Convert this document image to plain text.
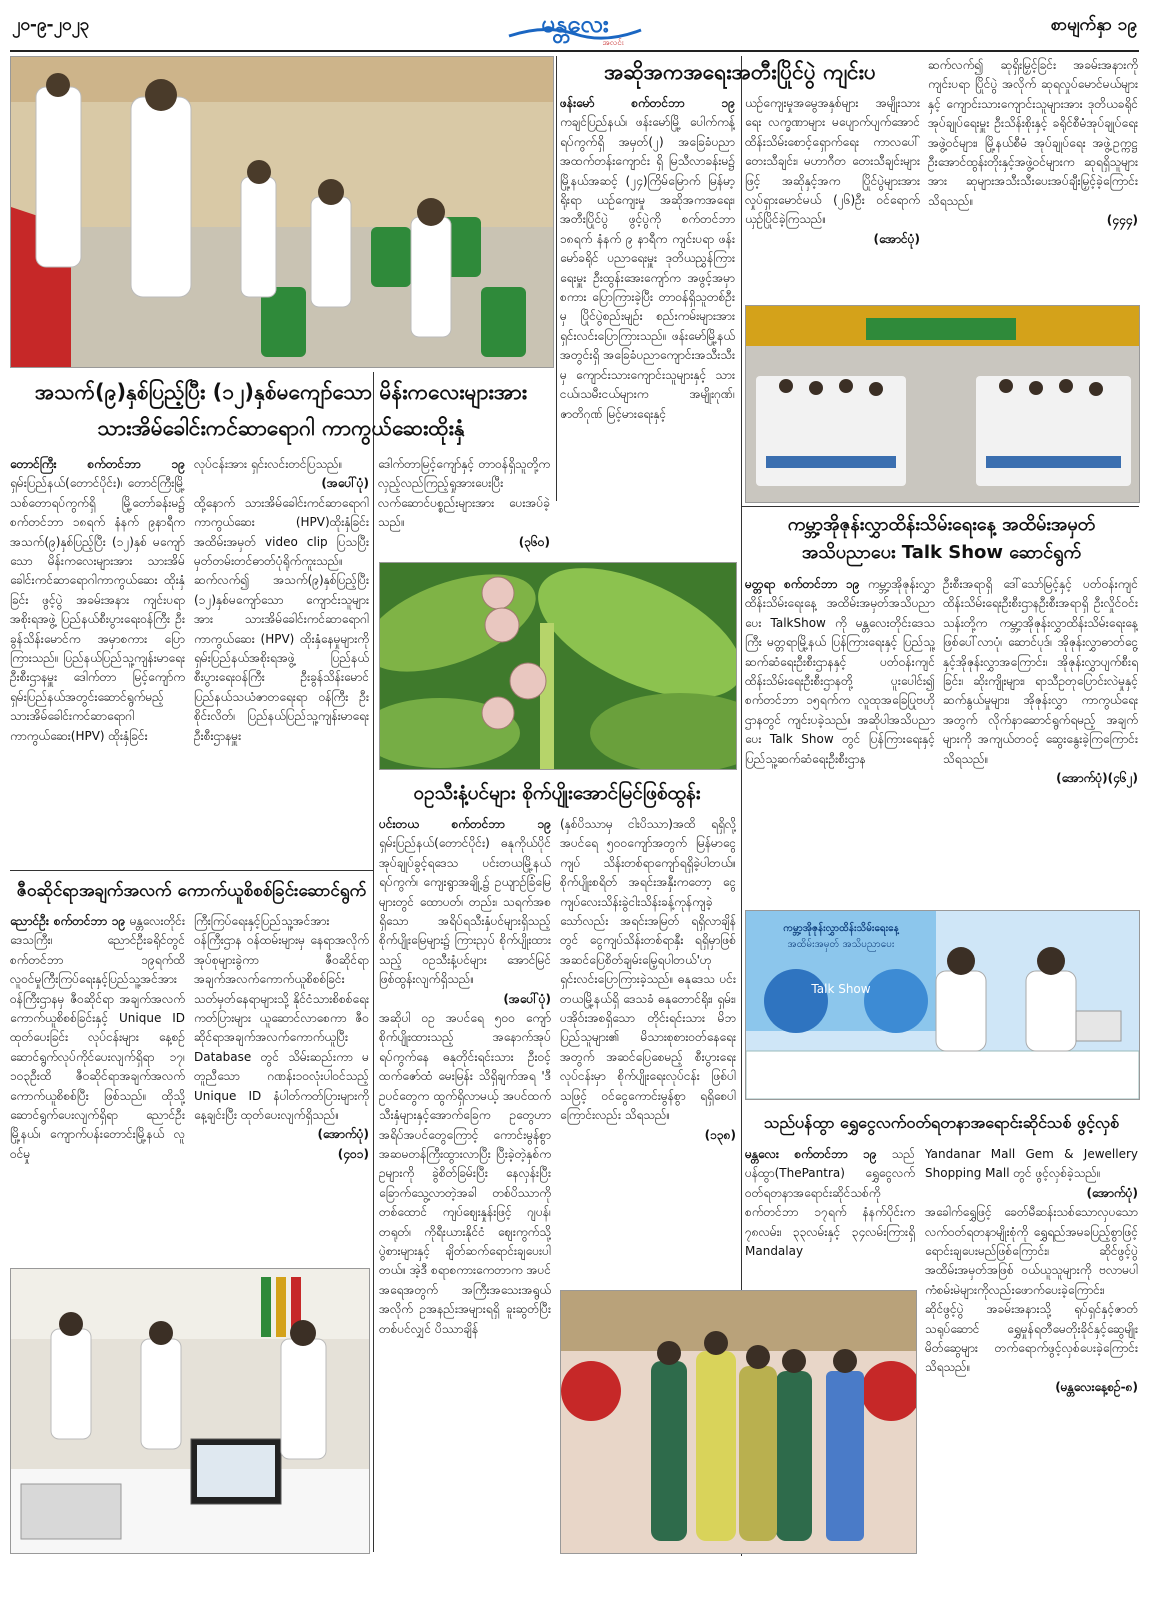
၂၀-၉-၂၀၂၃	မန္တလေး
အလင်း
စာမျက်နှာ ၁၉
အသက်(၉)နှစ်ပြည့်ပြီး (၁၂)နှစ်မကျော်သော မိန်းကလေးများအား
သားအိမ်ခေါင်းကင်ဆာရောဂါ ကာကွယ်ဆေးထိုးနှံ
တောင်ကြီး စက်တင်ဘာ ၁၉ ရှမ်းပြည်နယ်(တောင်ပိုင်း)၊ တောင်ကြီးမြို့သစ်တောရပ်ကွက်ရှိ မြို့တော်ခန်းမ၌ စက်တင်ဘာ ၁၈ရက် နံနက် ၉နာရီက အသက်(၉)နှစ်ပြည့်ပြီး (၁၂)နှစ် မကျော်သော မိန်းကလေးများအား သားအိမ်ခေါင်းကင်ဆာရောဂါကာကွယ်ဆေး ထိုးနှံခြင်း ဖွင့်ပွဲ အခမ်းအနား ကျင်းပရာ အစိုးရအဖွဲ့ ပြည်နယ်စီးပွားရေးဝန်ကြီး ဦးခွန်သိန်းမောင်က အမှာစကား ပြောကြားသည်။ ပြည်နယ်ပြည်သူ့ကျန်းမာရေးဦးစီးဌာနမှူး ဒေါက်တာ မြင့်ကျော်က ရှမ်းပြည်နယ်အတွင်းဆောင်ရွက်မည့် သားအိမ်ခေါင်းကင်ဆာရောဂါကာကွယ်ဆေး(HPV) ထိုးနှံခြင်း
လုပ်ငန်းအား ရှင်းလင်းတင်ပြသည်။
(အပေါ်ပုံ)
ထို့နောက် သားအိမ်ခေါင်းကင်ဆာရောဂါ ကာကွယ်ဆေး (HPV)ထိုးနှံခြင်း အထိမ်းအမှတ် video clip ပြသပြီး မှတ်တမ်းတင်ဓာတ်ပုံရိုက်ကူးသည်။ ဆက်လက်၍ အသက်(၉)နှစ်ပြည့်ပြီး (၁၂)နှစ်မကျော်သော ကျောင်းသူများအား သားအိမ်ခေါင်းကင်ဆာရောဂါ ကာကွယ်ဆေး (HPV) ထိုးနှံနေမှုများကို ရှမ်းပြည်နယ်အစိုးရအဖွဲ့ ပြည်နယ်စီးပွားရေးဝန်ကြီး ဦးခွန်သိန်းမောင်ပြည်နယ်သယံဇာတရေးရာ ဝန်ကြီး ဦးစိုင်းလိတ်၊ ပြည်နယ်ပြည်သူ့ကျန်းမာရေးဦးစီးဌာနမှူး
ဒေါက်တာမြင့်ကျော်နှင့် တာဝန်ရှိသူတို့က လှည့်လည်ကြည့်ရှုအားပေးပြီး လက်ဆောင်ပစ္စည်းများအား ပေးအပ်ခဲ့သည်။
(၃၆၀)
ဝဥသီးနံ့ပင်များ စိုက်ပျိုးအောင်မြင်ဖြစ်ထွန်း
ပင်းတယ စက်တင်ဘာ ၁၉ ရှမ်းပြည်နယ်(တောင်ပိုင်း) ဓနုကိုယ်ပိုင်အုပ်ချုပ်ခွင့်ရဒေသ ပင်းတယမြို့နယ် ရပ်ကွက်၊ ကျေးရွာအချို့၌ ဥယျာဉ်ခြံမြေများတွင် ထောပတ်၊ တည်း၊ သရက်အစရှိသော အရိပ်ရသီးနှံပင်များရှိသည့် စိုက်ပျိုးမြေများ၌ ကြားညှပ် စိုက်ပျိုးထားသည့် ဝဥသီးနံ့ပင်များ အောင်မြင်ဖြစ်ထွန်းလျက်ရှိသည်။
(အပေါ်ပုံ)
အဆိုပါ ဝဥ အပင်ရေ ၅၀၀ ကျော်စိုက်ပျိုးထားသည့် အနောက်အုပ်ရပ်ကွက်နေ ဓနုတိုင်းရင်းသား ဦးဝင့်ထက်ဇော်ထံ မေးမြန်း သိရှိချက်အရ 'ဒီဥပင်တွေက ထွက်ရှိလာမယ့် အပင်ထက် သီးနှံများနှင့်အောက်ခြေက ဥတွေဟာ အရိပ်အပင်တွေကြောင့် ကောင်းမွန်စွာ အဆမတန်ကြီးထွားလာပြီး ပြီးခဲ့တဲ့နှစ်က ဥများကို ခွဲစိတ်ခြမ်းပြီး နေလှန်းပြီး ခြောက်သွေ့လာတဲ့အခါ တစ်ပိဿာကို တစ်ထောင် ကျပ်ဈေးနှုန်းဖြင့် ဂျပန်၊ တရုတ်၊ ကိုရီးယားနိုင်ငံ ဈေးကွက်သို့ ပွဲစားများနှင့် ချိတ်ဆက်ရောင်းချပေးပါတယ်။ အဲ့ဒီ စရာစကားကေတာက အပင်အရေအတွက် အကြီးအသေးအရွယ် အလိုက် ဥအနည်းအများရရှိ ခူးဆွတ်ပြီးတစ်ပင်လျှင် ပိဿာချိန်
(နှစ်ပိဿာမှ ငါးပိဿာ)အထိ ရရှိလို့ အပင်ရေ ၅၀၀ကျော်အတွက် မြန်မာငွေကျပ် သိန်းတစ်ရာကျော်ရရှိခဲ့ပါတယ်။ စိုက်ပျိုးစရိတ် အရင်းအနှီးကတော့ ငွေကျပ်လေးသိန်းခွဲငါးသိန်းခန့်ကုန်ကျခဲ့သော်လည်း အရင်းအမြတ် ရရှိလာချိန်တွင် ငွေကျပ်သိန်းတစ်ရာနှီး ရရှိမှာဖြစ် အဆင်ပြေစိတ်ချမ်းမြေ့ရပါတယ်'ဟု ရှင်းလင်းပြောကြားခဲ့သည်။ ဓနုဒေသ ပင်းတယမြို့နယ်ရှိ ဒေသခံ ဓနုတောင်ရိုး၊ ရှမ်း၊ ပအိုဝ်းအစရှိသော တိုင်းရင်းသား မိဘပြည်သူများ၏ မိသားစုစားဝတ်နေရေးအတွက် အဆင်ပြေစေမည့် စီးပွားရေးလုပ်ငန်းမှာ စိုက်ပျိုးရေးလုပ်ငန်း ဖြစ်ပါသဖြင့် ဝင်ငွေကောင်းမွန်စွာ ရရှိစေပါကြောင်းလည်း သိရသည်။
(၁၃၈)
အဆိုအကအရေးအတီးပြိုင်ပွဲ ကျင်းပ
ဖန်းမော် စက်တင်ဘာ ၁၉ ကချင်ပြည်နယ်၊ ဖန်းမော်မြို့ ပေါက်ကန့်ရပ်ကွက်ရှိ အမှတ်(၂) အခြေခံပညာအထက်တန်းကျောင်း ရှိ မြသီလာခန်းမ၌ မြို့နယ်အဆင့် (၂၄)ကြိမ်မြောက် မြန်မာ့ရိုးရာ ယဉ်ကျေးမှု အဆိုအကအရေး၊ အတီးပြိုင်ပွဲ ဖွင့်ပွဲကို စက်တင်ဘာ ၁၈ရက် နံနက် ၉ နာရီက ကျင်းပရာ ဖန်းမော်ခရိုင် ပညာရေးမှူး ဒုတိယညွှန်ကြားရေးမှူး ဦးထွန်းအေးကျော်က အဖွင့်အမှာစကား ပြောကြားခဲ့ပြီး တာဝန်ရှိသူတစ်ဦးမှ ပြိုင်ပွဲစည်းမျဉ်း စည်းကမ်းများအား ရှင်းလင်းပြောကြားသည်။ ဖန်းမော်မြို့နယ်အတွင်းရှိ အခြေခံပညာကျောင်းအသီးသီးမှ ကျောင်းသားကျောင်းသူများနှင့် သားငယ်၊သမီးငယ်များက အမျိုးဂုဏ်၊ဇာတိဂုဏ် မြင့်မားရေးနှင့်
ယဉ်ကျေးမှုအမွေအနှစ်များ အမျိုးသားရေး လက္ခဏာများ မပျောက်ပျက်အောင် ထိန်းသိမ်းစောင့်ရှောက်ရေး ကာလပေါ်တေးသီချင်း၊ မဟာဂီတ တေးသီချင်းများဖြင့် အဆိုနှင့်အက ပြိုင်ပွဲများအား လှုပ်ရှားမောင်မယ် (၂၆)ဦး ဝင်ရောက်ယှဉ်ပြိုင်ခဲ့ကြသည်။
(အောင်ပုံ)
ဆက်လက်၍ ဆုရှိးမြှင့်ခြင်း အခမ်းအနားကို ကျင်းပရာ ပြိုင်ပွဲ အလိုက် ဆုရလှုပ်မောင်မယ်များနှင့် ကျောင်းသားကျောင်းသူများအား ဒုတိယခရိုင်အုပ်ချုပ်ရေးမှူး ဦးသိန်းစိုးနှင့် ခရိုင်စီမံအုပ်ချုပ်ရေး အဖွဲ့ဝင်များ၊ မြို့နယ်စီမံ အုပ်ချုပ်ရေး အဖွဲ့ဥက္ကဋ္ဌဦးအောင်ထွန်းတိုးနှင့်အဖွဲ့ဝင်များက ဆုရရှိသူများအား ဆုများအသီးသီးပေးအပ်ချီးမြှင့်ခဲ့ကြောင်း သိရသည်။
(၄၄၄)
ကမ္ဘာ့အိုဇုန်းလွှာထိန်းသိမ်းရေးနေ့ အထိမ်းအမှတ်
အသိပညာပေး Talk Show ဆောင်ရွက်
မတ္တရာ စက်တင်ဘာ ၁၉ ကမ္ဘာ့အိုဇုန်းလွှာထိန်းသိမ်းရေးနေ့ အထိမ်းအမှတ်အသိပညာပေး TalkShow ကို မန္တလေးတိုင်းဒေသကြီး မတ္တရာမြို့နယ် ပြန်ကြားရေးနှင့် ပြည်သူ့ဆက်ဆံရေးဦးစီးဌာနနှင့် ပတ်ဝန်းကျင်ထိန်းသိမ်းရေးဦးစီးဌာနတို့ ပူးပေါင်း၍ စက်တင်ဘာ ၁၅ရက်က လူထုအခြေပြုဗဟိုဌာနတွင် ကျင်းပခဲ့သည်။ အဆိုပါအသိပညာပေး Talk Show တွင် ပြန်ကြားရေးနှင့် ပြည်သူ့ဆက်ဆံရေးဦးစီးဌာန
ဦးစီးအရာရှိ ဒေါ်သော်မြင့်နှင့် ပတ်ဝန်းကျင်ထိန်းသိမ်းရေးဦးစီးဌာနဦးစီးအရာရှိ ဦးလှိုင်ဝင်းသန်းတို့က ကမ္ဘာ့အိုဇုန်းလွှာထိန်းသိမ်းရေးနေ့ဖြစ်ပေါ်လာပုံ၊ ဆောင်ပုဒ်၊ အိုဇုန်းလွှာဓာတ်ငွေ့နှင့်အိုဇုန်းလွှာအကြောင်း၊ အိုဇုန်းလွှာပျက်စီးရခြင်း၊ ဆိုးကျိုးများ၊ ရာသီဥတုပြောင်းလဲမှုနှင့် ဆက်နွယ်မှုများ၊ အိုဇုန်းလွှာ ကာကွယ်ရေးအတွက် လိုက်နာဆောင်ရွက်ရမည့် အချက်များကို အကျယ်တဝင့် ဆွေးနွေးခဲ့ကြကြောင်းသိရသည်။
(အောက်ပုံ)(၄၆၂)
ကမ္ဘာ့အိုဇုန်းလွှာထိန်းသိမ်းရေးနေ့
အထိမ်းအမှတ် အသိပညာပေး
Talk Show
သည်ပန်ထွာ ရွှေငွေလက်ဝတ်ရတနာအရောင်းဆိုင်သစ် ဖွင့်လှစ်
မန္တလေး စက်တင်ဘာ ၁၉ သည်ပန်ထွာ(ThePantra) ရွှေငွေလက်ဝတ်ရတနာအရောင်းဆိုင်သစ်ကို စက်တင်ဘာ ၁၇ရက် နံနက်ပိုင်းက ၇၈လမ်း၊ ၃၃လမ်းနှင့် ၃၄လမ်းကြားရှိ Mandalay
Yandanar Mall Gem & Jewellery Shopping Mall တွင် ဖွင့်လှစ်ခဲ့သည်။
(အောက်ပုံ)
အခေါက်ရွှေဖြင့် ခေတ်မီဆန်းသစ်သောလှပသော လက်ဝတ်ရတနာမျိုးစုံကို ရွှေရည်အမခပြည့်စွာဖြင့် ရောင်းချပေးမည်ဖြစ်ကြောင်း၊ ဆိုင်ဖွင့်ပွဲ အထိမ်းအမှတ်အဖြစ် ဝယ်ယူသူများကို ဗလာမပါ ကံစမ်းမဲများကိုလည်းဖောက်ပေးခဲ့ကြောင်း၊ ဆိုင်ဖွင့်ပွဲ အခမ်းအနားသို့ ရုပ်ရှင်နှင့်ဇာတ်သရုပ်ဆောင် ရွှေမှုန်ရတီမေတိုးခိုင်နှင့်ဆွေမျိုး မိတ်ဆွေများ တက်ရောက်ဖွင့်လှစ်ပေးခဲ့ကြောင်း သိရသည်။
(မန္တလေးနေ့စဉ်-၈)
ဇီဝဆိုင်ရာအချက်အလက် ကောက်ယူစိစစ်ခြင်းဆောင်ရွက်
ညောင်ဦး စက်တင်ဘာ ၁၉ မန္တလေးတိုင်းဒေသကြီး၊ ညောင်ဦးခရိုင်တွင် စက်တင်ဘာ ၁၉ရက်ထိ လူဝင်မှုကြီးကြပ်ရေးနှင့်ပြည်သူ့အင်အားဝန်ကြီးဌာနမှ ဇီဝဆိုင်ရာ အချက်အလက်ကောက်ယူစိစစ်ခြင်းနှင့် Unique ID ထုတ်ပေးခြင်း လုပ်ငန်းများ နေ့စဉ် ဆောင်ရွက်လုပ်ကိုင်ပေးလျက်ရှိရာ ၁၇၊၁၀၃ဦးထိ ဇီဝဆိုင်ရာအချက်အလက်ကောက်ယူစိစစ်ပြီး ဖြစ်သည်။ ထိုသို့ ဆောင်ရွက်ပေးလျက်ရှိရာ ညောင်ဦးမြို့နယ်၊ ကျောက်ပန်းတောင်းမြို့နယ် လူဝင်မှု
ကြီးကြပ်ရေးနှင့်ပြည်သူ့အင်အားဝန်ကြီးဌာန ဝန်ထမ်းများမှ နေရာအလိုက် အုပ်စုများခွဲကာ ဇီဝဆိုင်ရာအချက်အလက်ကောက်ယူစိစစ်ခြင်းသတ်မှတ်နေရာများသို့ နိုင်ငံသားစိစစ်ရေးကတ်ပြားများ ယူဆောင်လာစေကာ ဇီဝဆိုင်ရာအချက်အလက်ကောက်ယူပြီး Database တွင် သိမ်းဆည်းကာ မတူညီသော ဂဏန်း၁၀လုံးပါဝင်သည့် Unique ID နံပါတ်ကတ်ပြားများကို နေ့ချင်းပြီး ထုတ်ပေးလျက်ရှိသည်။
(အောက်ပုံ)
(၄၀၁)
